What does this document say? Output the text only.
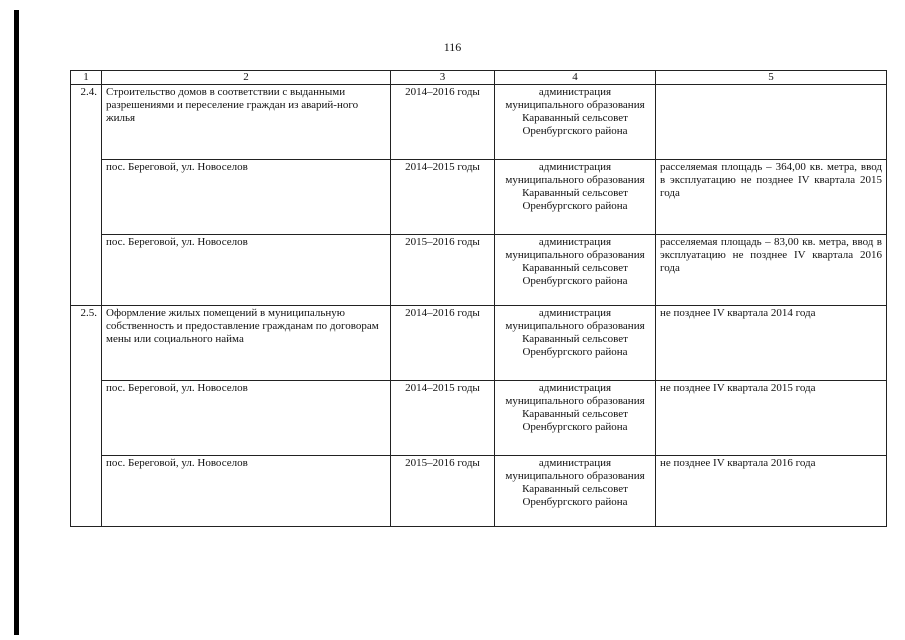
116
1	2	3	4	5
2.4.	Строительство домов в соответствии с выданными разрешениями и переселение граждан из аварий-ного жилья	2014–2016 годы	администрация муниципального образования Караванный сельсовет Оренбургского района	
	пос. Береговой, ул. Новоселов	2014–2015 годы	администрация муниципального образования Караванный сельсовет Оренбургского района	расселяемая площадь – 364,00 кв. метра, ввод в эксплуатацию не позднее IV квартала 2015 года
	пос. Береговой, ул. Новоселов	2015–2016 годы	администрация муниципального образования Караванный сельсовет Оренбургского района	расселяемая площадь – 83,00 кв. метра, ввод в эксплуатацию не позднее IV квартала 2016 года
2.5.	Оформление жилых помещений в муниципальную собственность и предоставление гражданам по договорам мены или социального найма	2014–2016 годы	администрация муниципального образования Караванный сельсовет Оренбургского района	не позднее IV квартала 2014 года
	пос. Береговой, ул. Новоселов	2014–2015 годы	администрация муниципального образования Караванный сельсовет Оренбургского района	не позднее IV квартала 2015 года
	пос. Береговой, ул. Новоселов	2015–2016 годы	администрация муниципального образования Караванный сельсовет Оренбургского района	не позднее IV квартала 2016 года
